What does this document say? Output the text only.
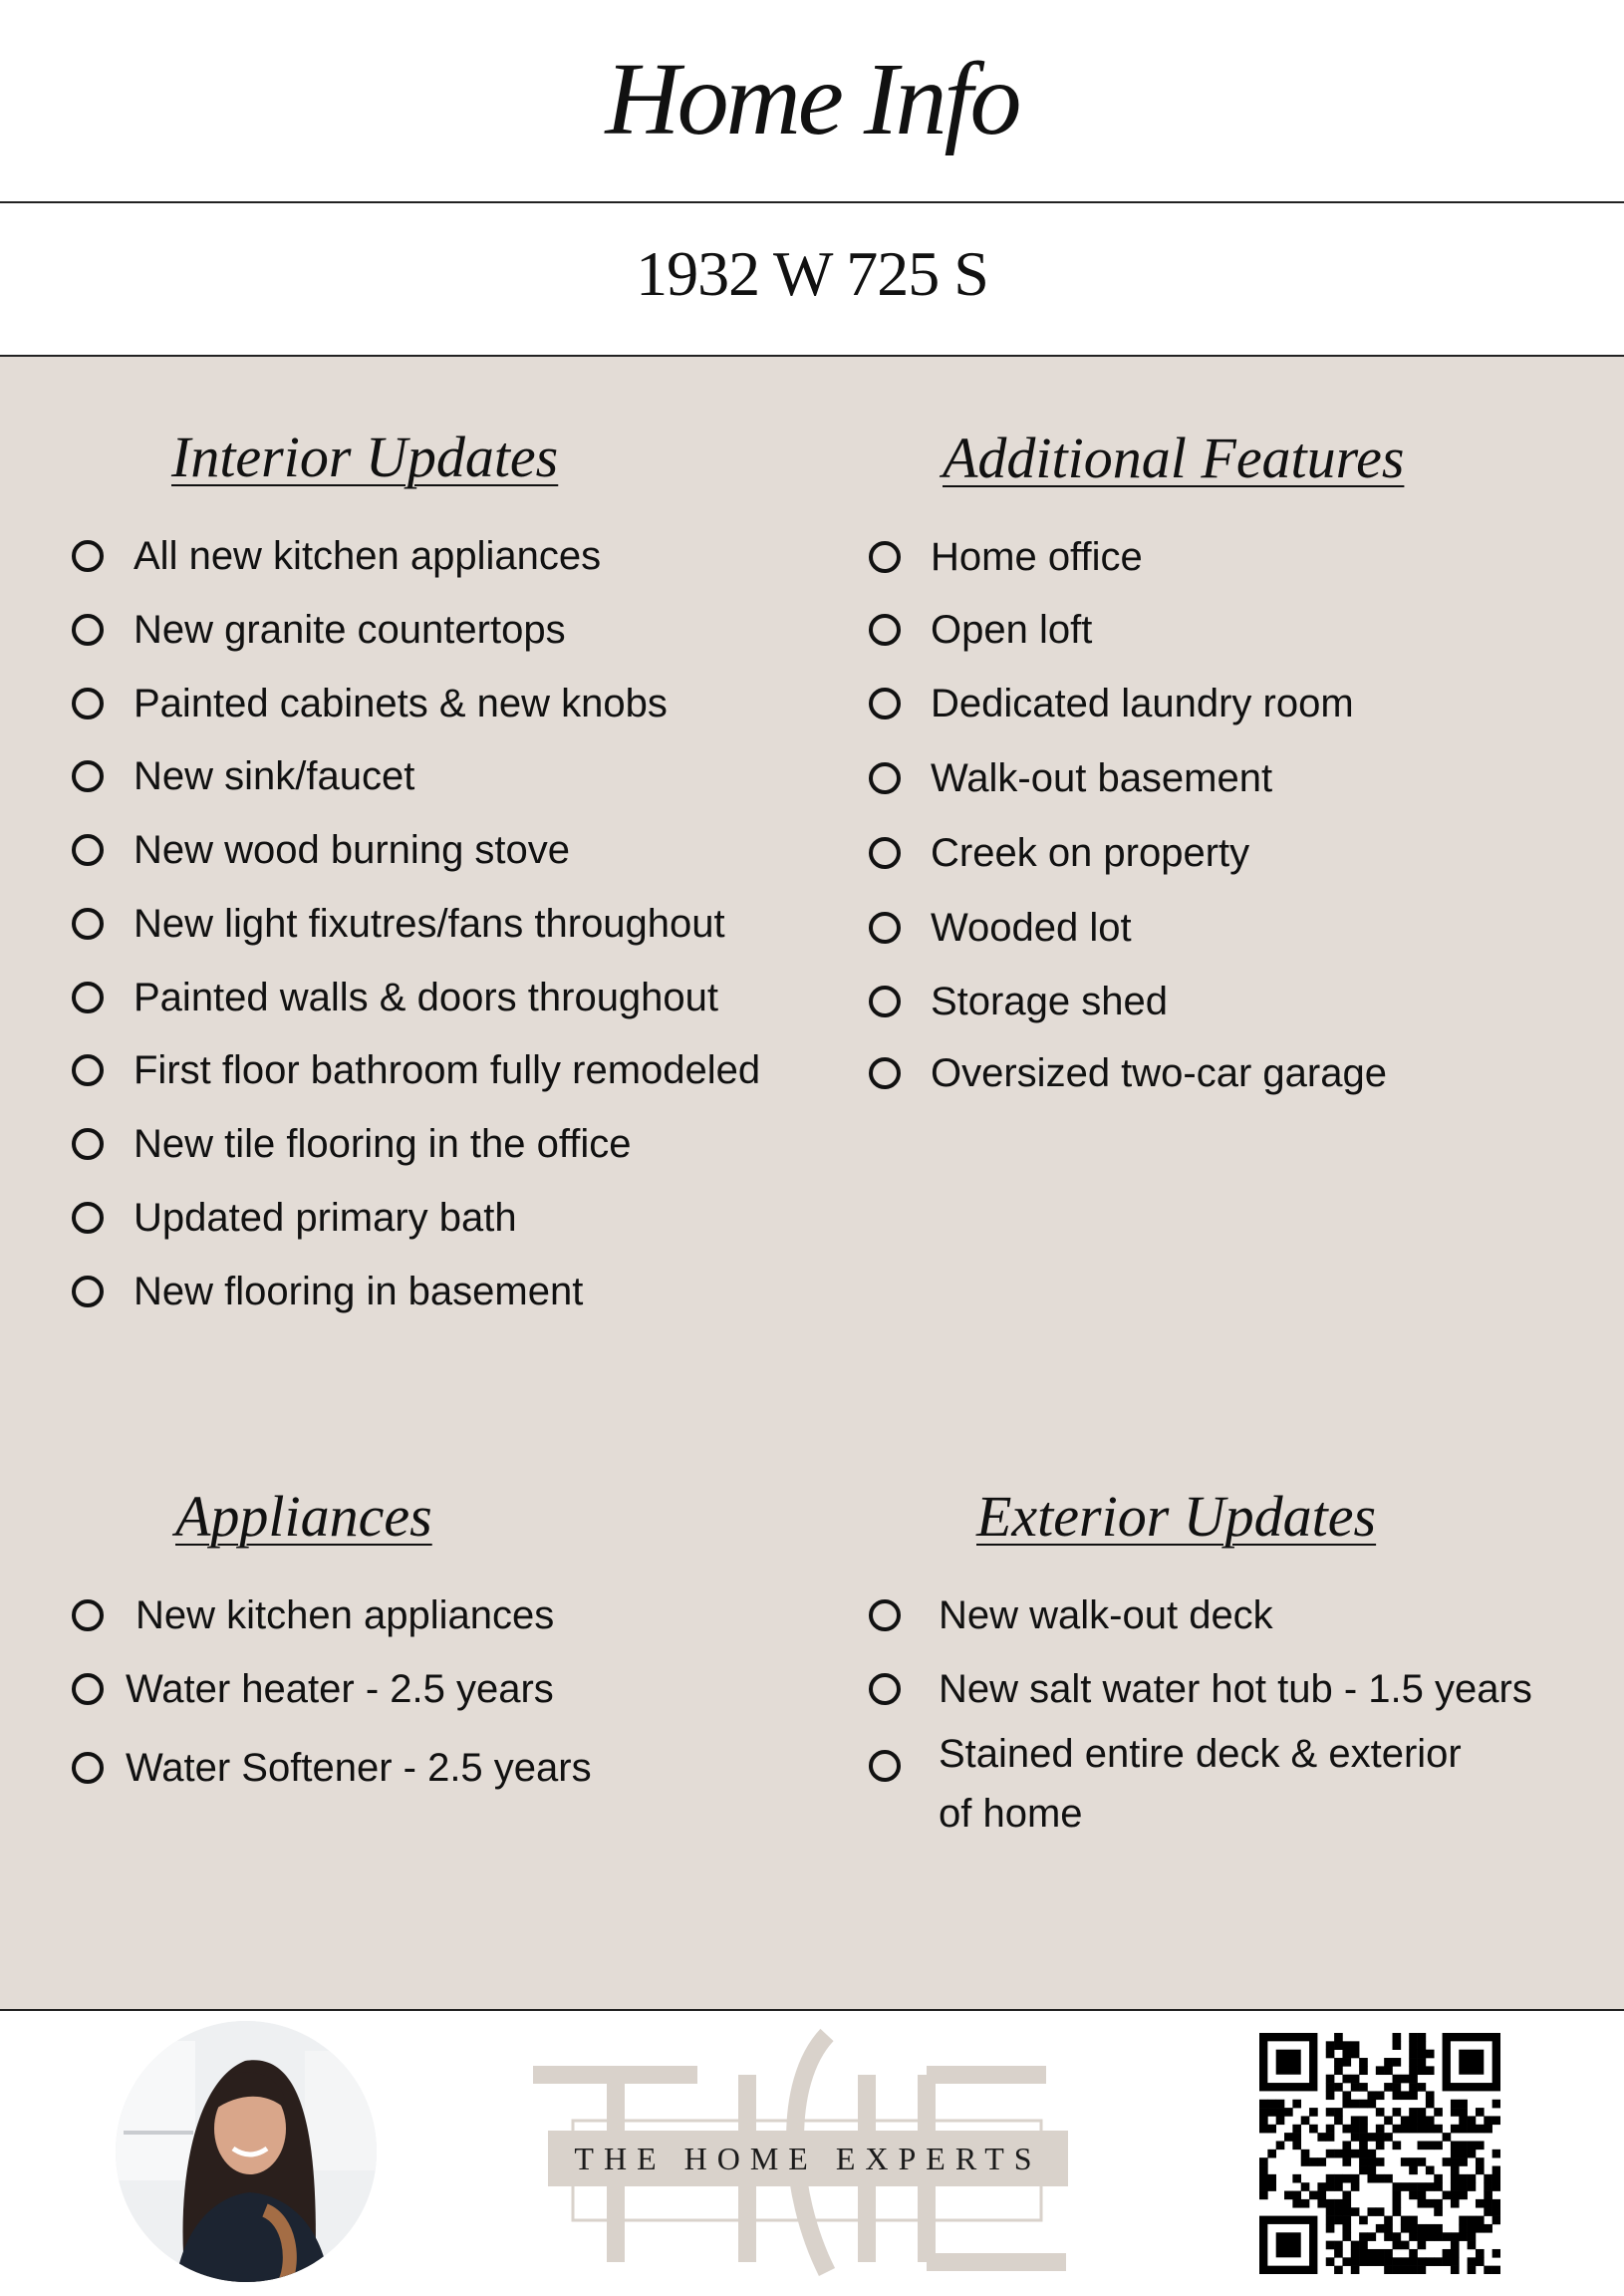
Home Info
1932 W 725 S
Interior Updates	Additional Features
Appliances	Exterior Updates
All new kitchen appliances
New granite countertops
Painted cabinets & new knobs
New sink/faucet
New wood burning stove
New light fixutres/fans throughout
Painted walls & doors throughout
First floor bathroom fully remodeled
New tile flooring in the office
Updated primary bath
New flooring in basement
Home office
Open loft
Dedicated laundry room
Walk-out basement
Creek on property
Wooded lot
Storage shed
Oversized two-car garage
New kitchen appliances
Water heater - 2.5 years
Water Softener - 2.5 years
New walk-out deck
New salt water hot tub - 1.5 years
Stained entire deck & exterior
of home
THE HOME EXPERTS
